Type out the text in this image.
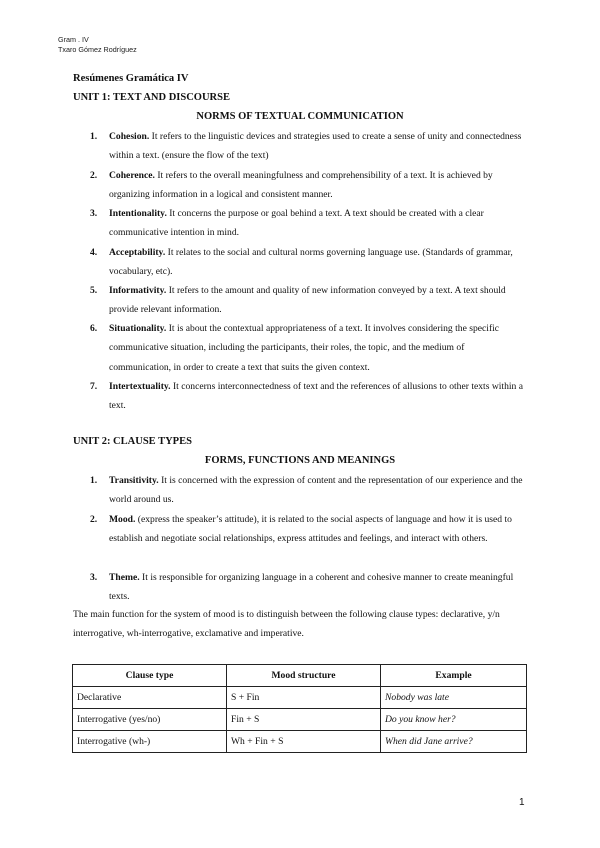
Gram . IV
Txaro Gómez Rodríguez
Resúmenes Gramática IV
UNIT 1: TEXT AND DISCOURSE
NORMS OF TEXTUAL COMMUNICATION
1. Cohesion. It refers to the linguistic devices and strategies used to create a sense of unity and connectedness within a text. (ensure the flow of the text)
2. Coherence. It refers to the overall meaningfulness and comprehensibility of a text. It is achieved by organizing information in a logical and consistent manner.
3. Intentionality. It concerns the purpose or goal behind a text. A text should be created with a clear communicative intention in mind.
4. Acceptability. It relates to the social and cultural norms governing language use. (Standards of grammar, vocabulary, etc).
5. Informativity. It refers to the amount and quality of new information conveyed by a text. A text should provide relevant information.
6. Situationality. It is about the contextual appropriateness of a text. It involves considering the specific communicative situation, including the participants, their roles, the topic, and the medium of communication, in order to create a text that suits the given context.
7. Intertextuality. It concerns interconnectedness of text and the references of allusions to other texts within a text.
UNIT 2: CLAUSE TYPES
FORMS, FUNCTIONS AND MEANINGS
1. Transitivity. It is concerned with the expression of content and the representation of our experience and the world around us.
2. Mood. (express the speaker’s attitude), it is related to the social aspects of language and how it is used to establish and negotiate social relationships, express attitudes and feelings, and interact with others.
3. Theme. It is responsible for organizing language in a coherent and cohesive manner to create meaningful texts.
The main function for the system of mood is to distinguish between the following clause types: declarative, y/n interrogative, wh-interrogative, exclamative and imperative.
Clause type	Mood structure	Example
Declarative	S + Fin	Nobody was late
Interrogative (yes/no)	Fin + S	Do you know her?
Interrogative (wh-)	Wh + Fin + S	When did Jane arrive?
1
